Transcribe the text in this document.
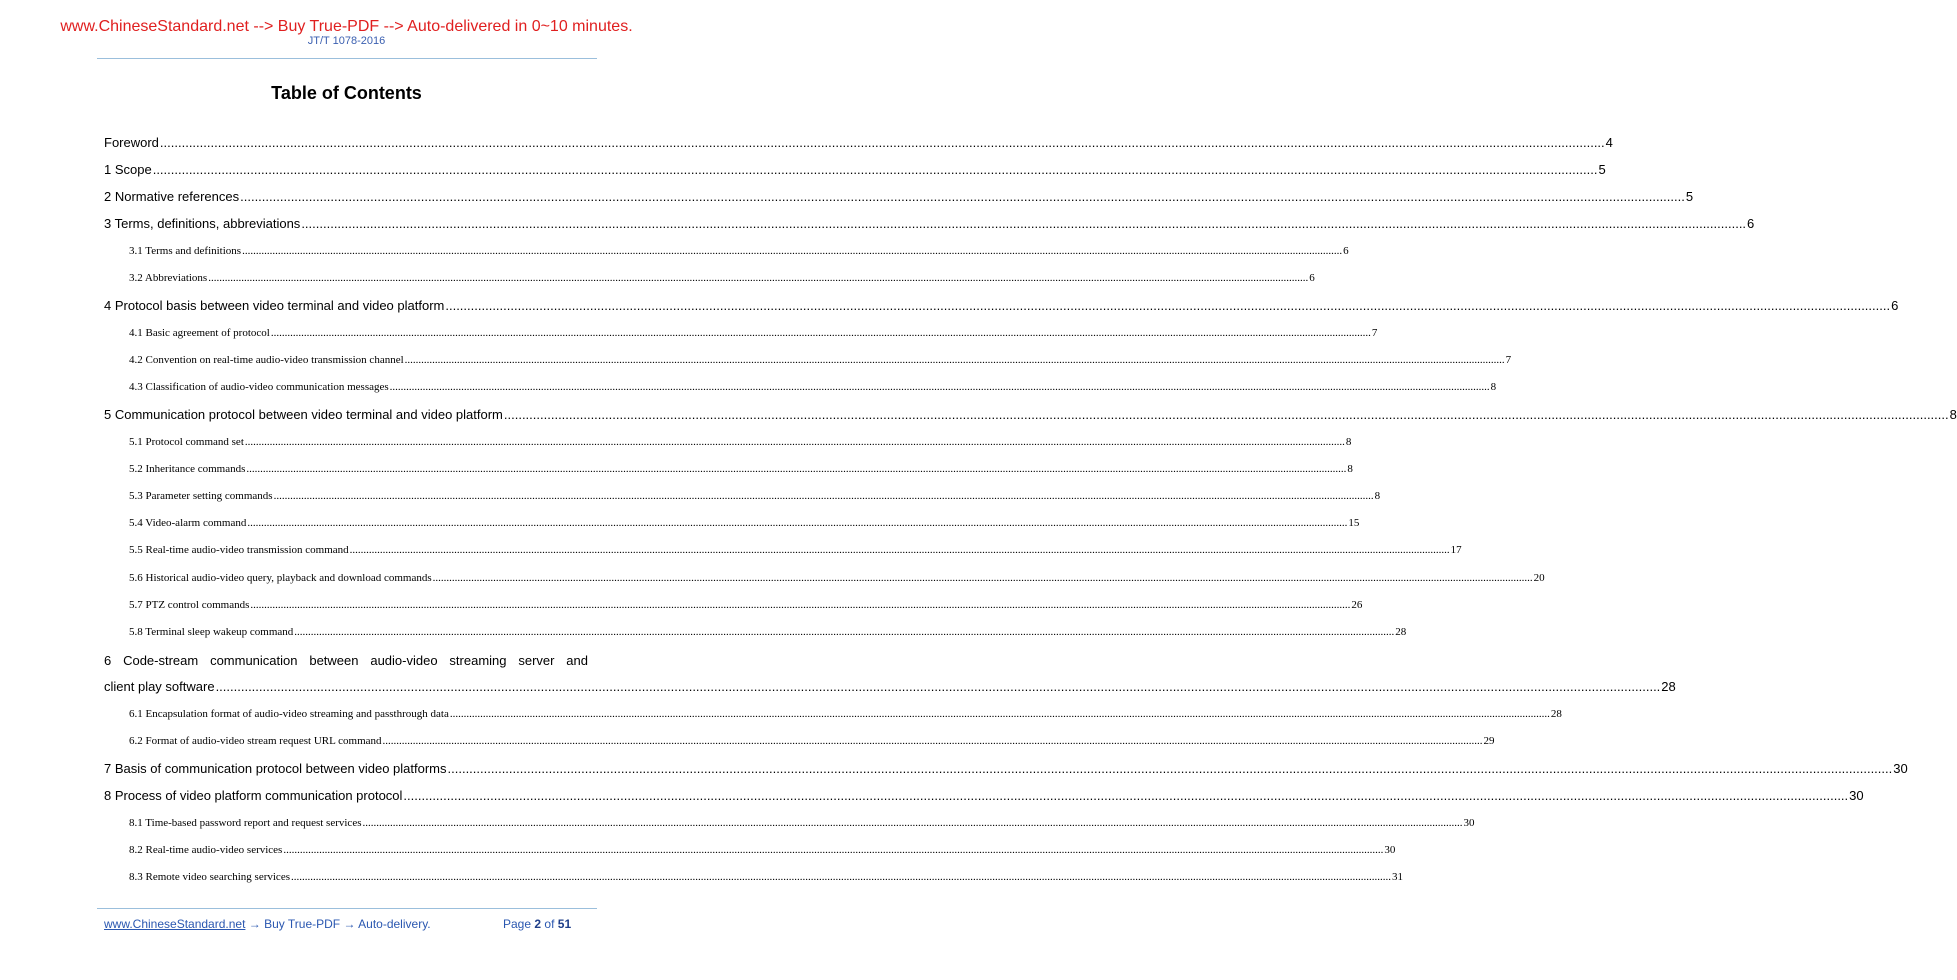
www.ChineseStandard.net --> Buy True-PDF --> Auto-delivered in 0~10 minutes.
JT/T 1078-2016
Table of Contents
Foreword ................................................................................................................................................................................................................................................................................................................................................................................................................ 4
1 Scope ................................................................................................................................................................................................................................................................................................................................................................................................................ 5
2 Normative references ................................................................................................................................................................................................................................................................................................................................................................................................................ 5
3 Terms, definitions, abbreviations ................................................................................................................................................................................................................................................................................................................................................................................................................ 6
3.1 Terms and definitions ................................................................................................................................................................................................................................................................................................................................................................................................................ 6
3.2 Abbreviations ................................................................................................................................................................................................................................................................................................................................................................................................................ 6
4 Protocol basis between video terminal and video platform ................................................................................................................................................................................................................................................................................................................................................................................................................ 6
4.1 Basic agreement of protocol ................................................................................................................................................................................................................................................................................................................................................................................................................ 7
4.2 Convention on real-time audio-video transmission channel ................................................................................................................................................................................................................................................................................................................................................................................................................ 7
4.3 Classification of audio-video communication messages ................................................................................................................................................................................................................................................................................................................................................................................................................ 8
5 Communication protocol between video terminal and video platform ................................................................................................................................................................................................................................................................................................................................................................................................................ 8
5.1 Protocol command set ................................................................................................................................................................................................................................................................................................................................................................................................................ 8
5.2 Inheritance commands ................................................................................................................................................................................................................................................................................................................................................................................................................ 8
5.3 Parameter setting commands ................................................................................................................................................................................................................................................................................................................................................................................................................ 8
5.4 Video-alarm command ................................................................................................................................................................................................................................................................................................................................................................................................................ 15
5.5 Real-time audio-video transmission command ................................................................................................................................................................................................................................................................................................................................................................................................................ 17
5.6 Historical audio-video query, playback and download commands ................................................................................................................................................................................................................................................................................................................................................................................................................ 20
5.7 PTZ control commands ................................................................................................................................................................................................................................................................................................................................................................................................................ 26
5.8 Terminal sleep wakeup command ................................................................................................................................................................................................................................................................................................................................................................................................................ 28
6 Code-stream communication between audio-video streaming server and
client play software ................................................................................................................................................................................................................................................................................................................................................................................................................ 28
6.1 Encapsulation format of audio-video streaming and passthrough data ................................................................................................................................................................................................................................................................................................................................................................................................................ 28
6.2 Format of audio-video stream request URL command ................................................................................................................................................................................................................................................................................................................................................................................................................ 29
7 Basis of communication protocol between video platforms ................................................................................................................................................................................................................................................................................................................................................................................................................ 30
8 Process of video platform communication protocol ................................................................................................................................................................................................................................................................................................................................................................................................................ 30
8.1 Time-based password report and request services ................................................................................................................................................................................................................................................................................................................................................................................................................ 30
8.2 Real-time audio-video services ................................................................................................................................................................................................................................................................................................................................................................................................................ 30
8.3 Remote video searching services ................................................................................................................................................................................................................................................................................................................................................................................................................ 31
www.ChineseStandard.net → Buy True-PDF → Auto-delivery.	Page 2 of 51
